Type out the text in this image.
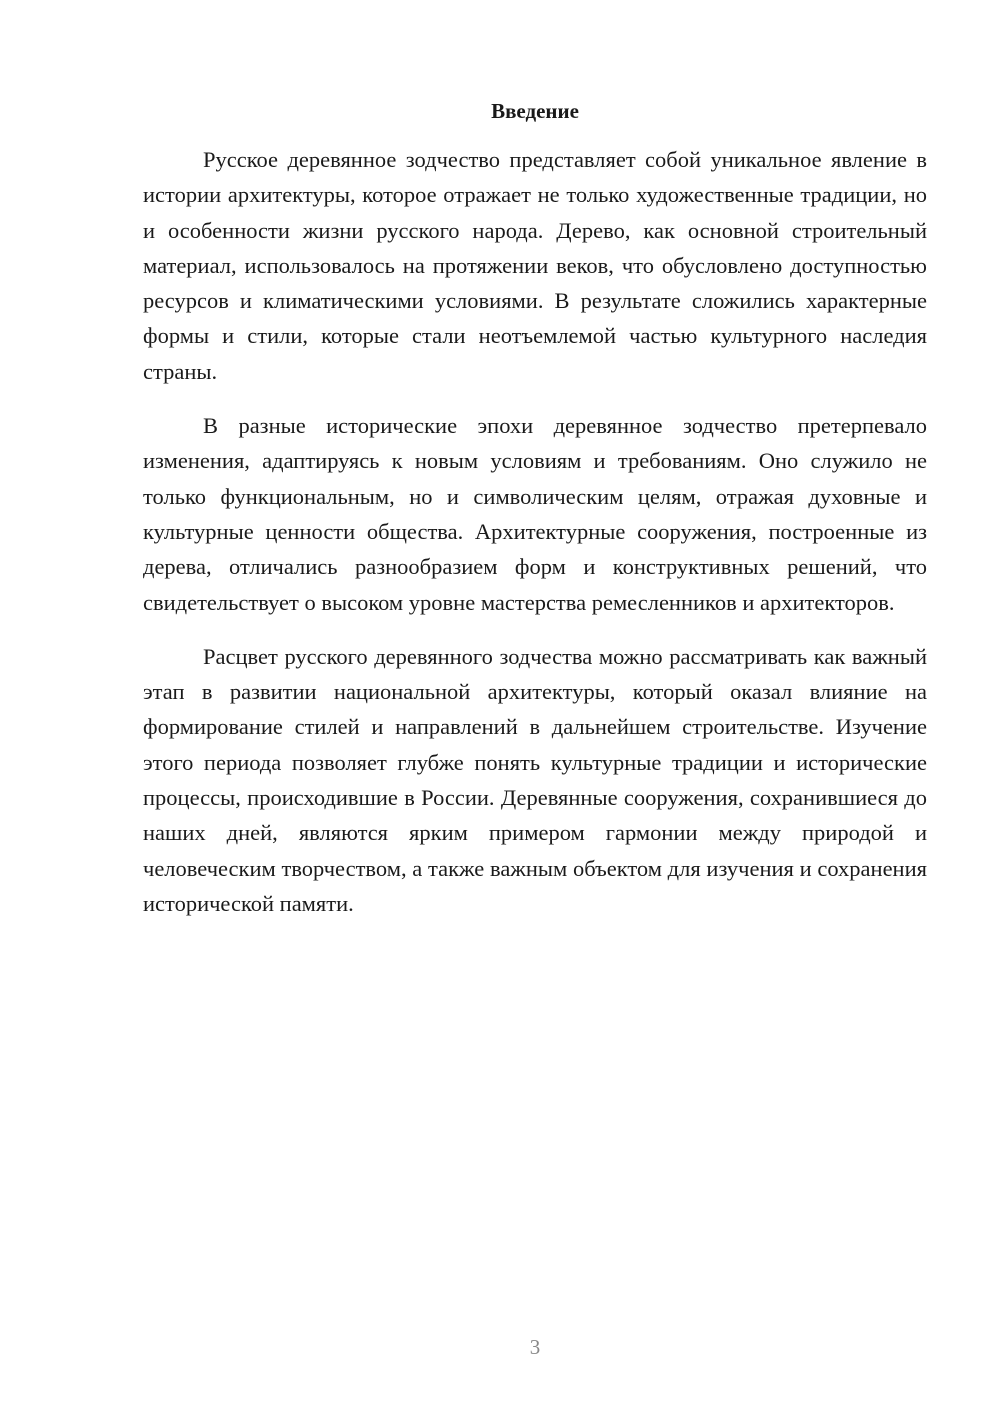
Введение

Русское деревянное зодчество представляет собой уникальное явление в истории архитектуры, которое отражает не только художественные традиции, но и особенности жизни русского народа. Дерево, как основной строительный материал, использовалось на протяжении веков, что обусловлено доступностью ресурсов и климатическими условиями. В результате сложились характерные формы и стили, которые стали неотъемлемой частью культурного наследия страны.

В разные исторические эпохи деревянное зодчество претерпевало изменения, адаптируясь к новым условиям и требованиям. Оно служило не только функциональным, но и символическим целям, отражая духовные и культурные ценности общества. Архитектурные сооружения, построенные из дерева, отличались разнообразием форм и конструктивных решений, что свидетельствует о высоком уровне мастерства ремесленников и архитекторов.

Расцвет русского деревянного зодчества можно рассматривать как важный этап в развитии национальной архитектуры, который оказал влияние на формирование стилей и направлений в дальнейшем строительстве. Изучение этого периода позволяет глубже понять культурные традиции и исторические процессы, происходившие в России. Деревянные сооружения, сохранившиеся до наших дней, являются ярким примером гармонии между природой и человеческим творчеством, а также важным объектом для изучения и сохранения исторической памяти.

3
